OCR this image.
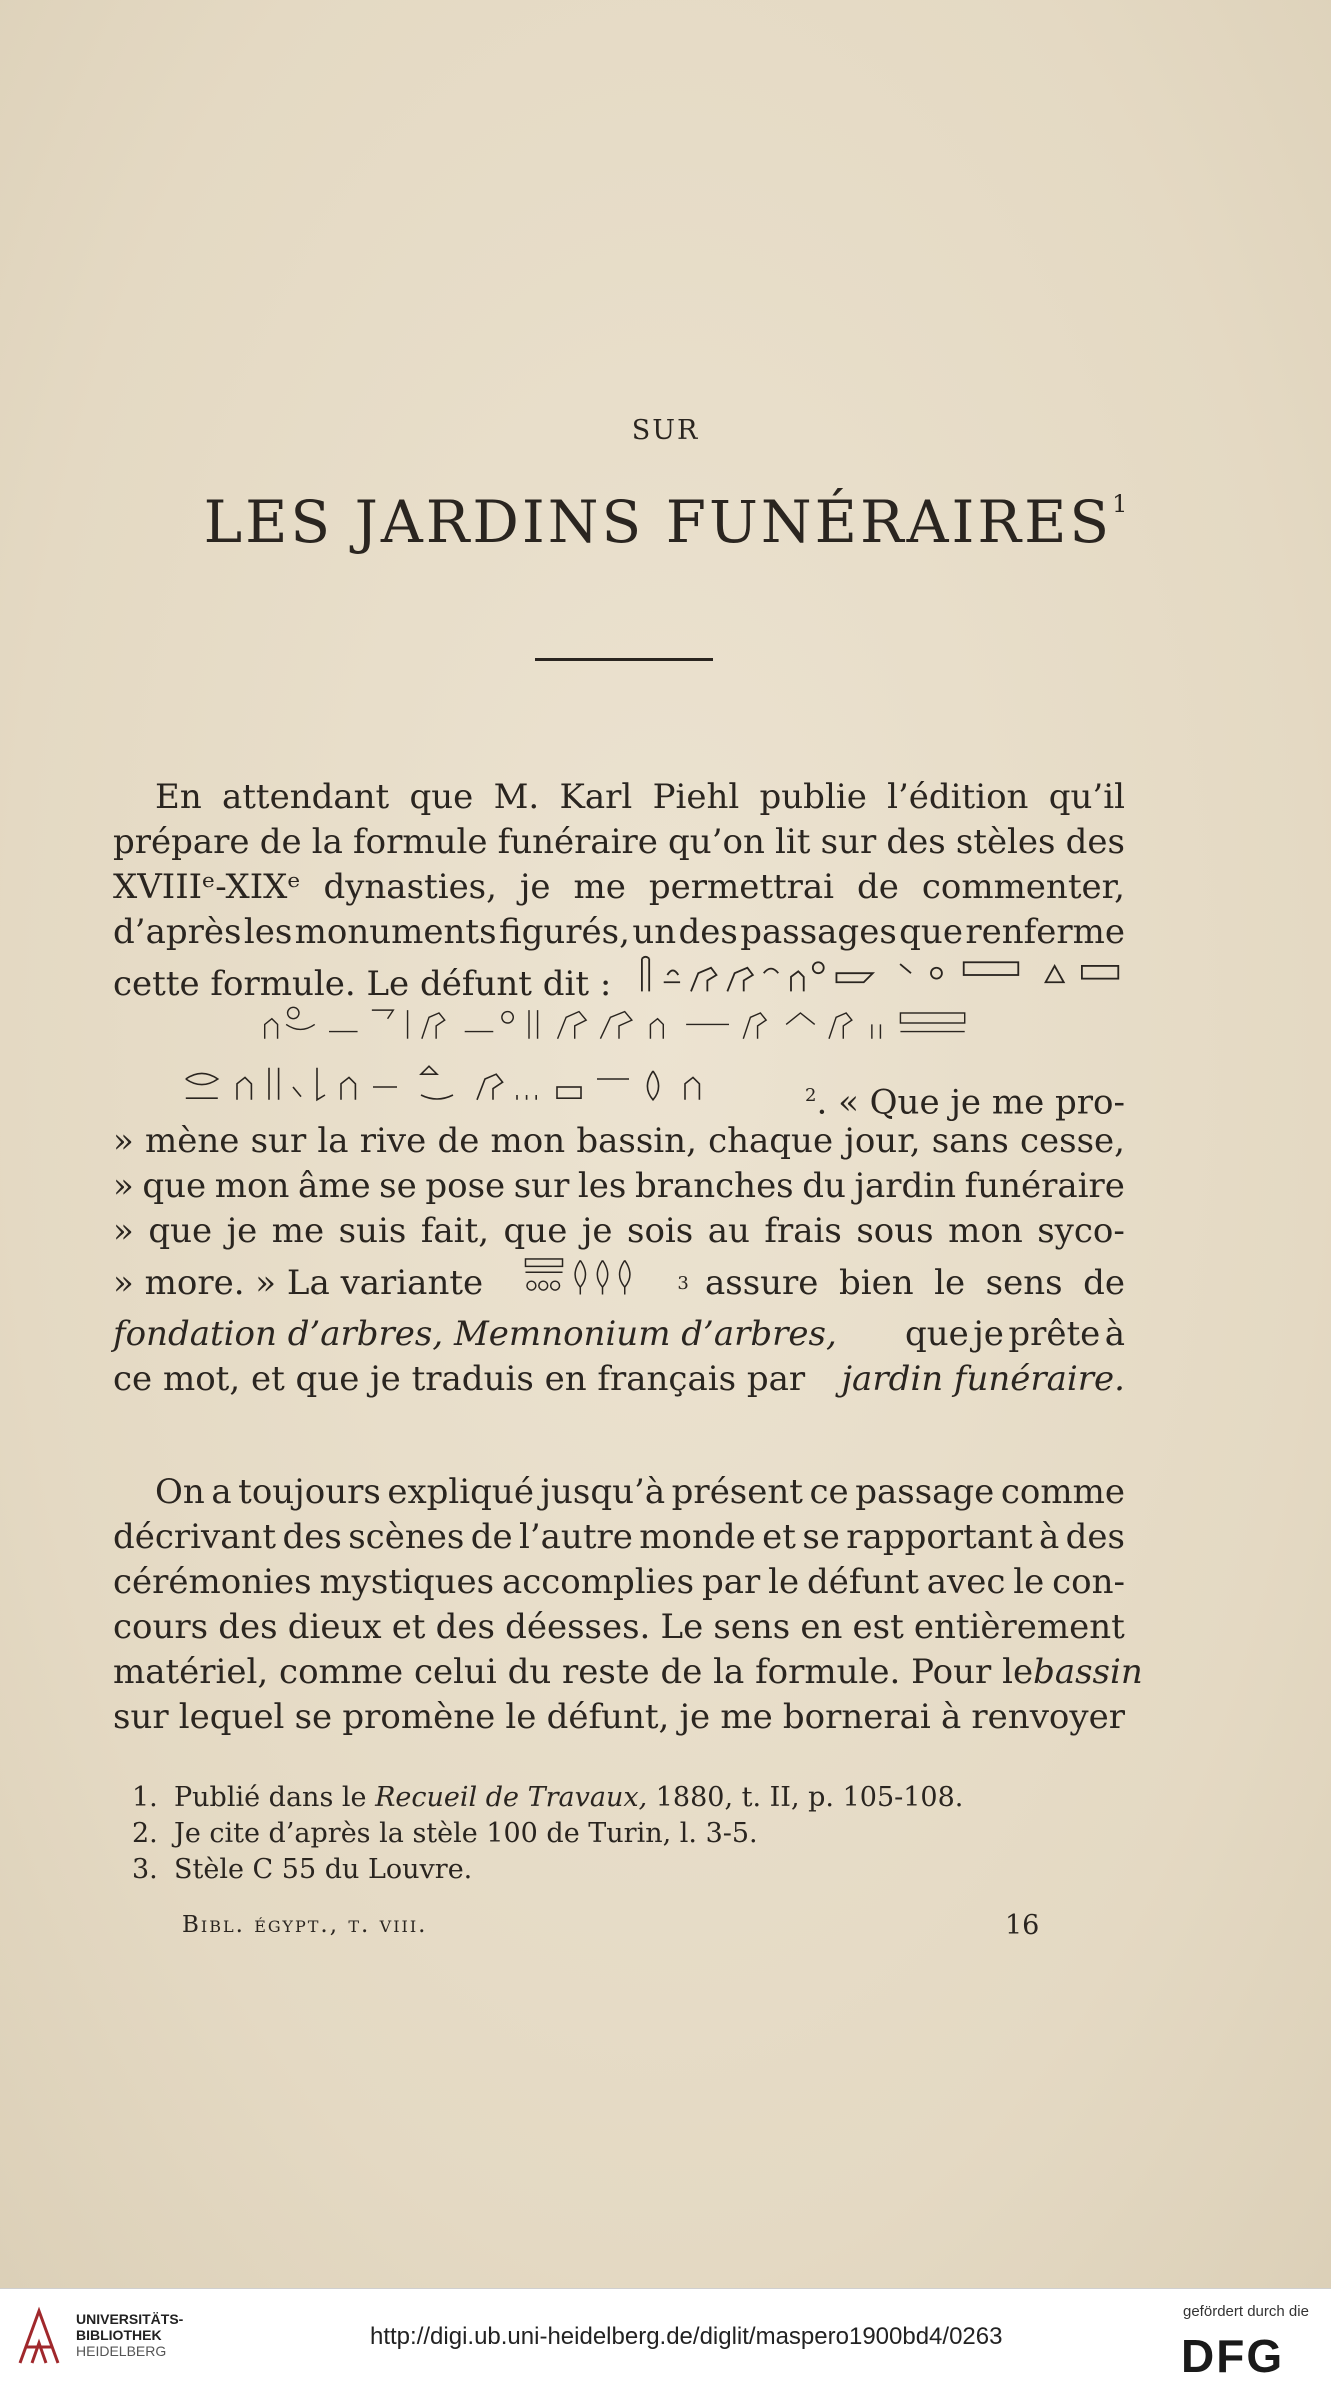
SUR
LES JARDINS FUNÉRAIRES$^1$
En attendant que M. Karl Piehl publie l’édition qu’il
prépare de la formule funéraire qu’on lit sur des stèles des
XVIIIᵉ-XIXᵉ dynasties, je me permettrai de commenter,
d’après les monuments figurés, un des passages que renferme
cette formule. Le défunt dit :
$^2$. « Que je me pro-
» mène sur la rive de mon bassin, chaque jour, sans cesse,
» que mon âme se pose sur les branches du jardin funéraire
» que je me suis fait, que je sois au frais sous mon syco-
» more. » La variante	3 assure bien le sens de
fondation d’arbres, Memnonium d’arbres, que je prête à
ce mot, et que je traduis en français par jardin funéraire.
On a toujours expliqué jusqu’à présent ce passage comme
décrivant des scènes de l’autre monde et se rapportant à des
cérémonies mystiques accomplies par le défunt avec le con-
cours des dieux et des déesses. Le sens en est entièrement
matériel, comme celui du reste de la formule. Pour le bassin
sur lequel se promène le défunt, je me bornerai à renvoyer
1. Publié dans le Recueil de Travaux, 1880, t. II, p. 105-108.
2. Je cite d’après la stèle 100 de Turin, l. 3-5.
3. Stèle C 55 du Louvre.
Bibl. égypt., t. viii.	16
UNIVERSITÄTS-
BIBLIOTHEK
HEIDELBERG
http://digi.ub.uni-heidelberg.de/diglit/maspero1900bd4/0263
gefördert durch die
DFG
